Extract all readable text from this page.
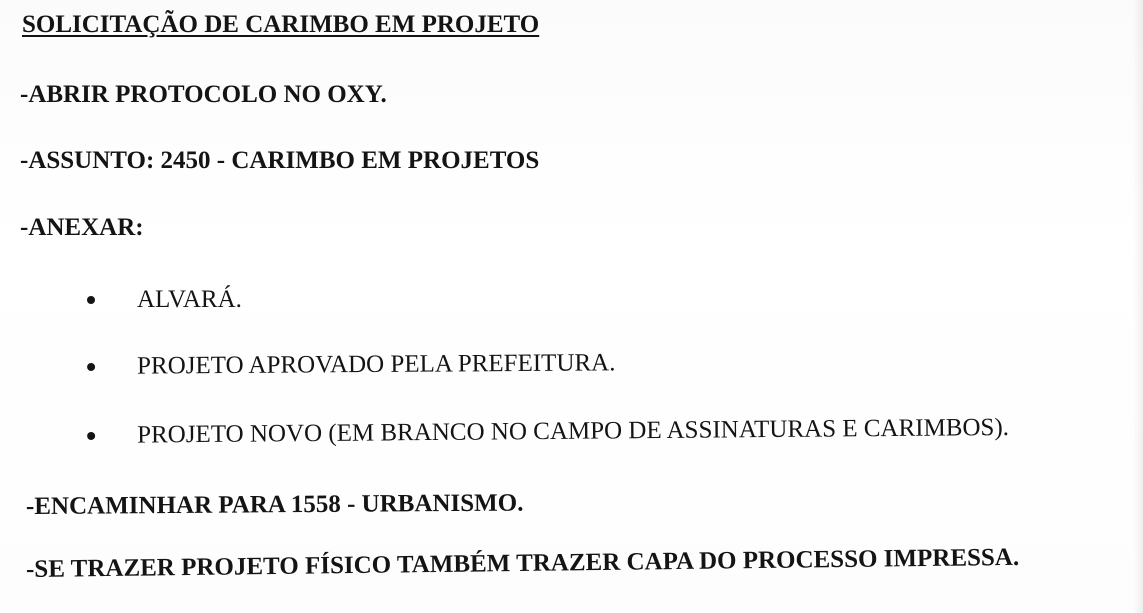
SOLICITAÇÃO DE CARIMBO EM PROJETO
-ABRIR PROTOCOLO NO OXY.
-ASSUNTO: 2450 - CARIMBO EM PROJETOS
-ANEXAR:
ALVARÁ.
PROJETO APROVADO PELA PREFEITURA.
PROJETO NOVO (EM BRANCO NO CAMPO DE ASSINATURAS E CARIMBOS).
-ENCAMINHAR PARA 1558 - URBANISMO.
-SE TRAZER PROJETO FÍSICO TAMBÉM TRAZER CAPA DO PROCESSO IMPRESSA.
